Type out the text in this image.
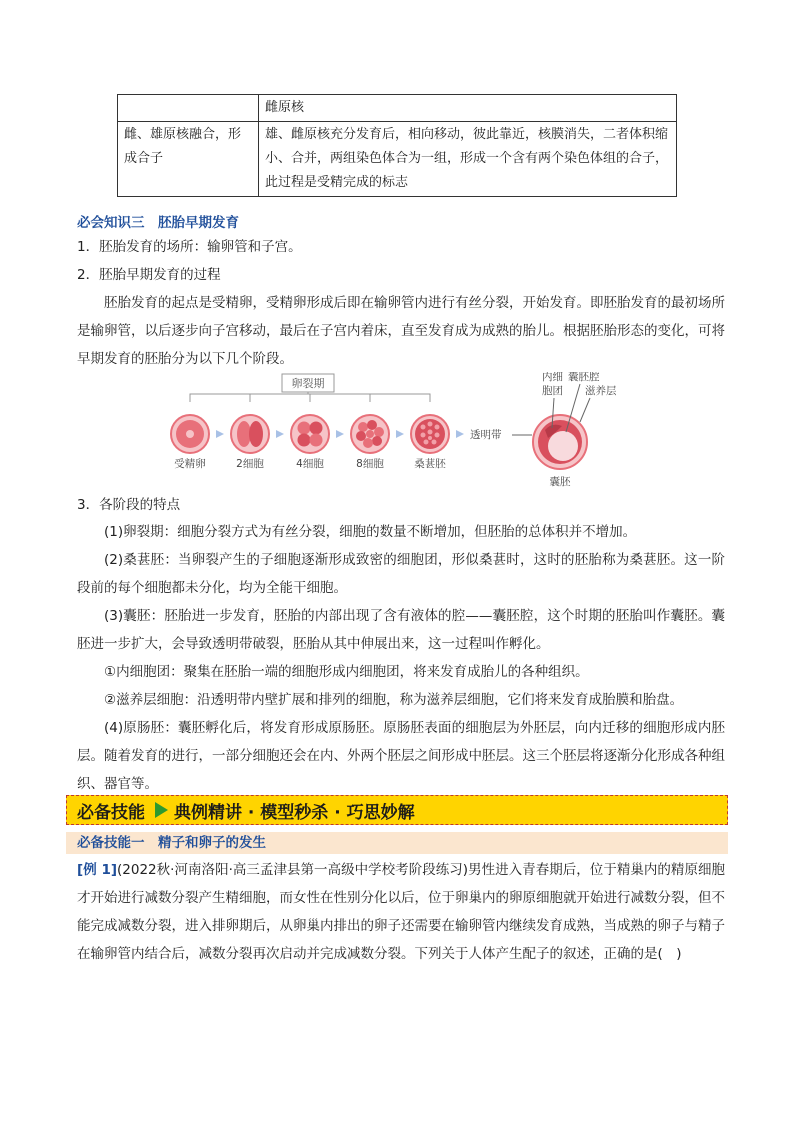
	雌原核
雌、雄原核融合，形成合子	雄、雌原核充分发育后，相向移动，彼此靠近，核膜消失，二者体积缩小、合并，两组染色体合为一组，形成一个含有两个染色体组的合子，此过程是受精完成的标志
必会知识三　胚胎早期发育
1．胚胎发育的场所：输卵管和子宫。
2．胚胎早期发育的过程
胚胎发育的起点是受精卵，受精卵形成后即在输卵管内进行有丝分裂，开始发育。即胚胎发育的最初场所是输卵管，以后逐步向子宫移动，最后在子宫内着床，直至发育成为成熟的胎儿。根据胚胎形态的变化，可将早期发育的胚胎分为以下几个阶段。
卵裂期
透明带
内细
胞团
囊胚腔
滋养层
受精卵	2细胞	4细胞	8细胞	桑葚胚
囊胚
3．各阶段的特点
(1)卵裂期：细胞分裂方式为有丝分裂，细胞的数量不断增加，但胚胎的总体积并不增加。
(2)桑葚胚：当卵裂产生的子细胞逐渐形成致密的细胞团，形似桑葚时，这时的胚胎称为桑葚胚。这一阶段前的每个细胞都未分化，均为全能干细胞。
(3)囊胚：胚胎进一步发育，胚胎的内部出现了含有液体的腔——囊胚腔，这个时期的胚胎叫作囊胚。囊胚进一步扩大，会导致透明带破裂，胚胎从其中伸展出来，这一过程叫作孵化。
①内细胞团：聚集在胚胎一端的细胞形成内细胞团，将来发育成胎儿的各种组织。
②滋养层细胞：沿透明带内壁扩展和排列的细胞，称为滋养层细胞，它们将来发育成胎膜和胎盘。
(4)原肠胚：囊胚孵化后，将发育形成原肠胚。原肠胚表面的细胞层为外胚层，向内迁移的细胞形成内胚层。随着发育的进行，一部分细胞还会在内、外两个胚层之间形成中胚层。这三个胚层将逐渐分化形成各种组织、器官等。
必备技能 典例精讲 · 模型秒杀 · 巧思妙解
必备技能一　精子和卵子的发生
[例 1](2022秋·河南洛阳·高三孟津县第一高级中学校考阶段练习)男性进入青春期后，位于精巢内的精原细胞才开始进行减数分裂产生精细胞，而女性在性别分化以后，位于卵巢内的卵原细胞就开始进行减数分裂，但不能完成减数分裂，进入排卵期后，从卵巢内排出的卵子还需要在输卵管内继续发育成熟，当成熟的卵子与精子在输卵管内结合后，减数分裂再次启动并完成减数分裂。下列关于人体产生配子的叙述，正确的是(　)
